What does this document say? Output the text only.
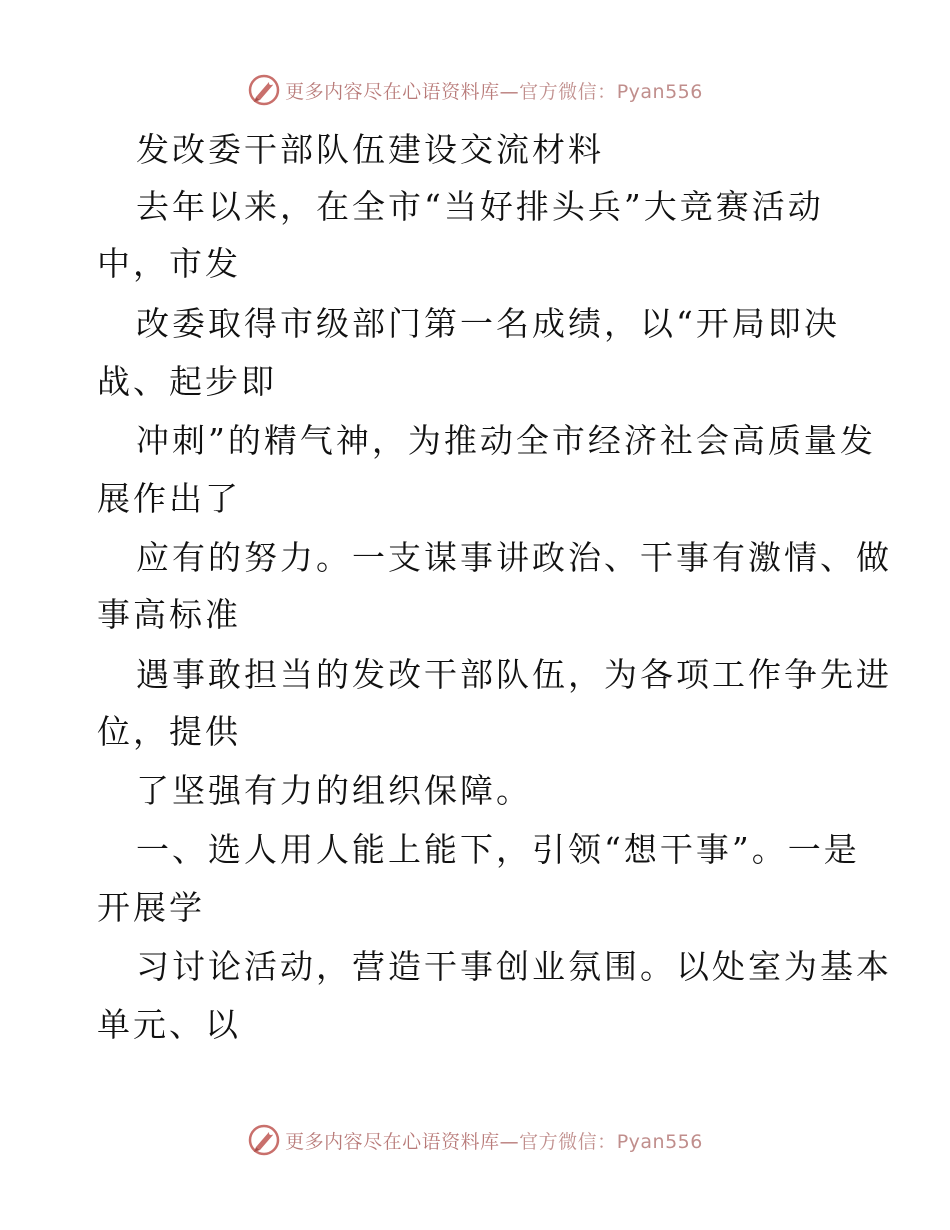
更多内容尽在心语资料库—官方微信：Pyan556
发改委干部队伍建设交流材料
去年以来，在全市“当好排头兵”大竞赛活动
中，市发
改委取得市级部门第一名成绩，以“开局即决
战、起步即
冲刺”的精气神，为推动全市经济社会高质量发
展作出了
应有的努力。一支谋事讲政治、干事有激情、做
事高标准
遇事敢担当的发改干部队伍，为各项工作争先进
位，提供
了坚强有力的组织保障。
一、选人用人能上能下，引领“想干事”。一是
开展学
习讨论活动，营造干事创业氛围。以处室为基本
单元、以
更多内容尽在心语资料库—官方微信：Pyan556
